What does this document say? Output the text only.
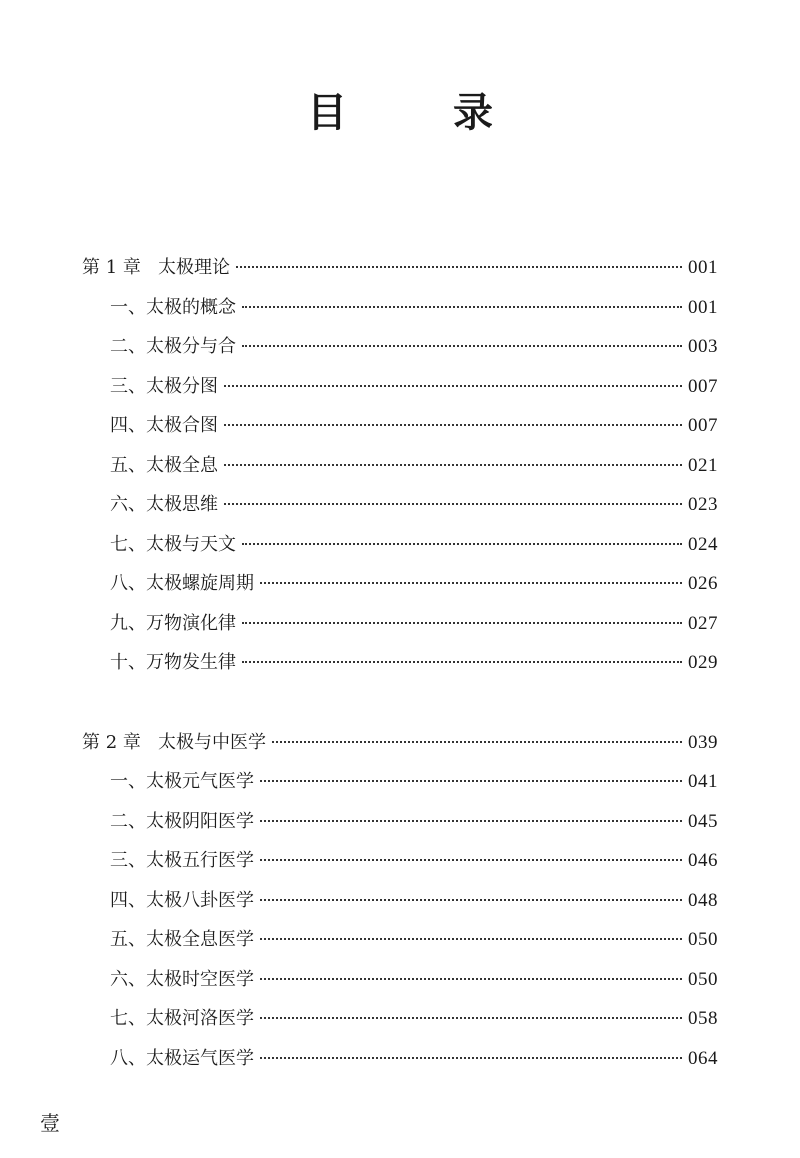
目 录
第 1 章   太极理论	001
一、太极的概念	001
二、太极分与合	003
三、太极分图	007
四、太极合图	007
五、太极全息	021
六、太极思维	023
七、太极与天文	024
八、太极螺旋周期	026
九、万物演化律	027
十、万物发生律	029
第 2 章   太极与中医学	039
一、太极元气医学	041
二、太极阴阳医学	045
三、太极五行医学	046
四、太极八卦医学	048
五、太极全息医学	050
六、太极时空医学	050
七、太极河洛医学	058
八、太极运气医学	064
壹
